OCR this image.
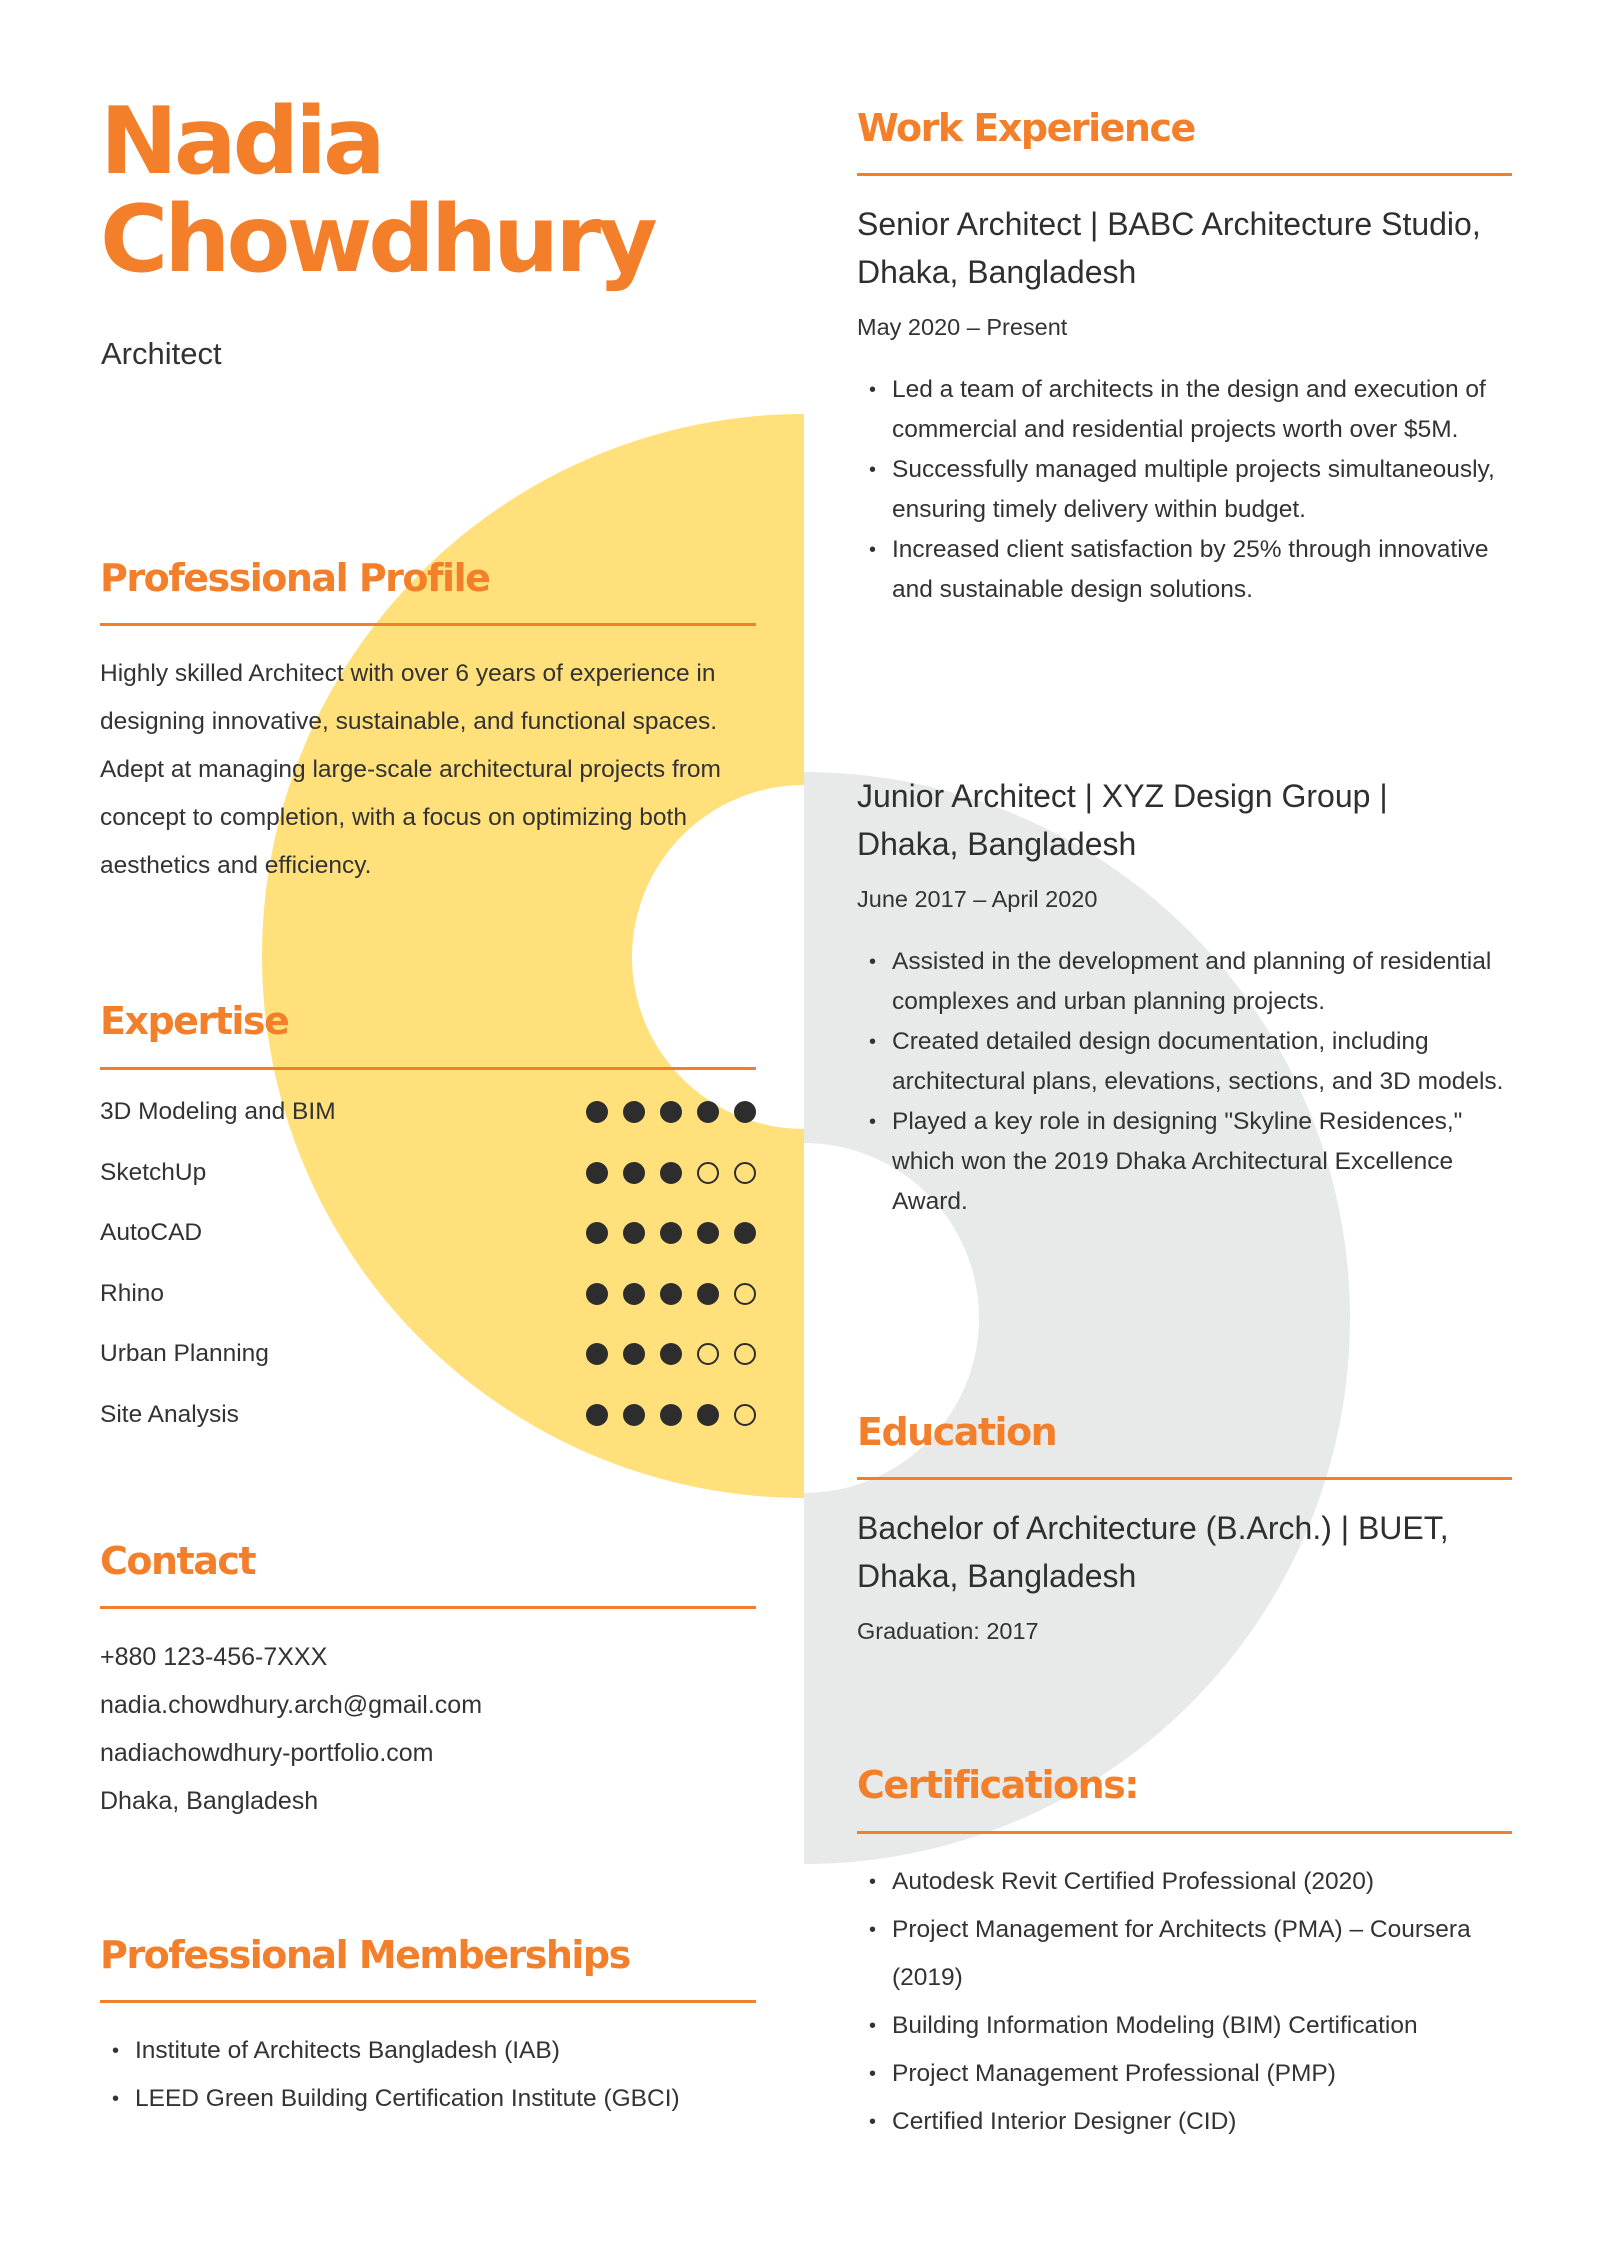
Nadia
Chowdhury
Architect
Professional Profile
Highly skilled Architect with over 6 years of experience in designing innovative, sustainable, and functional spaces. Adept at managing large-scale architectural projects from concept to completion, with a focus on optimizing both aesthetics and efficiency.
Expertise
3D Modeling and BIM
SketchUp
AutoCAD
Rhino
Urban Planning
Site Analysis
Contact
+880 123-456-7XXX
nadia.chowdhury.arch@gmail.com
nadiachowdhury-portfolio.com
Dhaka, Bangladesh
Professional Memberships
• Institute of Architects Bangladesh (IAB)
• LEED Green Building Certification Institute (GBCI)
Work Experience
Senior Architect | BABC Architecture Studio, Dhaka, Bangladesh
May 2020 – Present
• Led a team of architects in the design and execution of commercial and residential projects worth over $5M.
• Successfully managed multiple projects simultaneously, ensuring timely delivery within budget.
• Increased client satisfaction by 25% through innovative and sustainable design solutions.
Junior Architect | XYZ Design Group | Dhaka, Bangladesh
June 2017 – April 2020
• Assisted in the development and planning of residential complexes and urban planning projects.
• Created detailed design documentation, including architectural plans, elevations, sections, and 3D models.
• Played a key role in designing "Skyline Residences," which won the 2019 Dhaka Architectural Excellence Award.
Education
Bachelor of Architecture (B.Arch.) | BUET, Dhaka, Bangladesh
Graduation: 2017
Certifications:
• Autodesk Revit Certified Professional (2020)
• Project Management for Architects (PMA) – Coursera (2019)
• Building Information Modeling (BIM) Certification
• Project Management Professional (PMP)
• Certified Interior Designer (CID)
